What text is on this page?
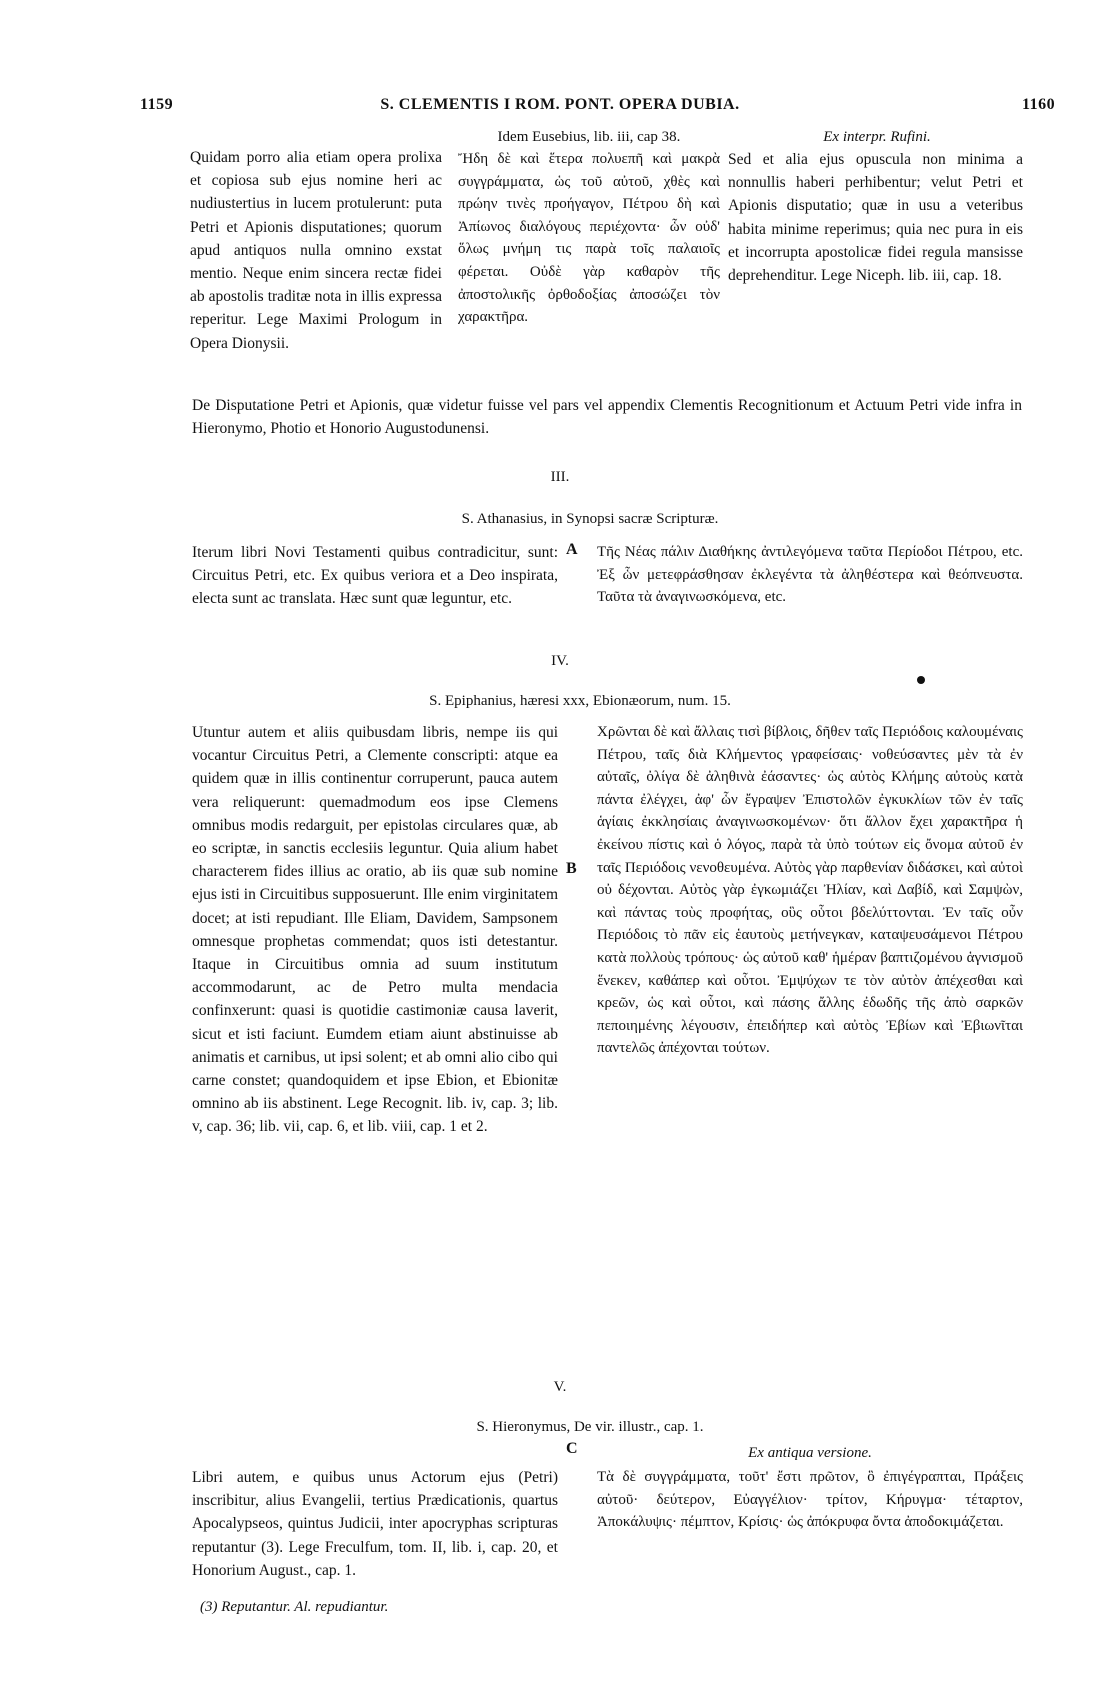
1159	S. CLEMENTIS I ROM. PONT. OPERA DUBIA.	1160
Quidam porro alia etiam opera prolixa et copiosa sub ejus nomine heri ac nudiustertius in lucem protulerunt: puta Petri et Apionis disputationes; quorum apud antiquos nulla omnino exstat mentio. Neque enim sincera rectæ fidei ab apostolis traditæ nota in illis expressa reperitur. Lege Maximi Prologum in Opera Dionysii.
Idem Eusebius, lib. iii, cap 38.
Ἤδη δὲ καὶ ἕτερα πολυεπῆ καὶ μακρὰ συγγράμματα, ὡς τοῦ αὐτοῦ, χθὲς καὶ πρώην τινὲς προήγαγον, Πέτρου δὴ καὶ Ἀπίωνος διαλόγους περιέχοντα· ὧν οὐδ' ὅλως μνήμη τις παρὰ τοῖς παλαιοῖς φέρεται. Οὐδὲ γὰρ καθαρὸν τῆς ἀποστολικῆς ὀρθοδοξίας ἀποσώζει τὸν χαρακτῆρα.
Ex interpr. Rufini.
Sed et alia ejus opuscula non minima a nonnullis haberi perhibentur; velut Petri et Apionis disputatio; quæ in usu a veteribus habita minime reperimus; quia nec pura in eis et incorrupta apostolicæ fidei regula mansisse deprehenditur. Lege Niceph. lib. iii, cap. 18.
De Disputatione Petri et Apionis, quæ videtur fuisse vel pars vel appendix Clementis Recognitionum et Actuum Petri vide infra in Hieronymo, Photio et Honorio Augustodunensi.
III.
S. Athanasius, in Synopsi sacræ Scripturæ.
Iterum libri Novi Testamenti quibus contradicitur, sunt: Circuitus Petri, etc. Ex quibus veriora et a Deo inspirata, electa sunt ac translata. Hæc sunt quæ leguntur, etc.
A Τῆς Νέας πάλιν Διαθήκης ἀντιλεγόμενα ταῦτα Περίοδοι Πέτρου, etc. Ἐξ ὧν μετεφράσθησαν ἐκλεγέντα τὰ ἀληθέστερα καὶ θεόπνευστα. Ταῦτα τὰ ἀναγινωσκόμενα, etc.
IV.
S. Epiphanius, hæresi xxx, Ebionæorum, num. 15.
Utuntur autem et aliis quibusdam libris, nempe iis qui vocantur Circuitus Petri, a Clemente conscripti: atque ea quidem quæ in illis continentur corruperunt, pauca autem vera reliquerunt: quemadmodum eos ipse Clemens omnibus modis redarguit, per epistolas circulares quæ, ab eo scriptæ, in sanctis ecclesiis leguntur. Quia alium habet characterem fides illius ac oratio, ab iis quæ sub nomine ejus isti in Circuitibus supposuerunt. Ille enim virginitatem docet; at isti repudiant. Ille Eliam, Davidem, Sampsonem omnesque prophetas commendat; quos isti detestantur. Itaque in Circuitibus omnia ad suum institutum accommodarunt, ac de Petro multa mendacia confinxerunt: quasi is quotidie castimoniæ causa laverit, sicut et isti faciunt. Eumdem etiam aiunt abstinuisse ab animatis et carnibus, ut ipsi solent; et ab omni alio cibo qui carne constet; quandoquidem et ipse Ebion, et Ebionitæ omnino ab iis abstinent. Lege Recognit. lib. iv, cap. 3; lib. v, cap. 36; lib. vii, cap. 6, et lib. viii, cap. 1 et 2.
B
Χρῶνται δὲ καὶ ἄλλαις τισὶ βίβλοις, δῆθεν ταῖς Περιόδοις καλουμέναις Πέτρου, ταῖς διὰ Κλήμεντος γραφείσαις· νοθεύσαντες μὲν τὰ ἐν αὐταῖς, ὀλίγα δὲ ἀληθινὰ ἐάσαντες· ὡς αὐτὸς Κλήμης αὐτοὺς κατὰ πάντα ἐλέγχει, ἀφ' ὧν ἔγραψεν Ἐπιστολῶν ἐγκυκλίων τῶν ἐν ταῖς ἁγίαις ἐκκλησίαις ἀναγινωσκομένων· ὅτι ἄλλον ἔχει χαρακτῆρα ἡ ἐκείνου πίστις καὶ ὁ λόγος, παρὰ τὰ ὑπὸ τούτων εἰς ὄνομα αὐτοῦ ἐν ταῖς Περιόδοις νενοθευμένα. Αὐτὸς γὰρ παρθενίαν διδάσκει, καὶ αὐτοὶ οὐ δέχονται. Αὐτὸς γὰρ ἐγκωμιάζει Ἠλίαν, καὶ Δαβίδ, καὶ Σαμψὼν, καὶ πάντας τοὺς προφήτας, οὓς οὗτοι βδελύττονται. Ἐν ταῖς οὖν Περιόδοις τὸ πᾶν εἰς ἑαυτοὺς μετήνεγκαν, καταψευσάμενοι Πέτρου κατὰ πολλοὺς τρόπους· ὡς αὐτοῦ καθ' ἡμέραν βαπτιζομένου ἁγνισμοῦ ἕνεκεν, καθάπερ καὶ οὗτοι. Ἐμψύχων τε τὸν αὐτὸν ἀπέχεσθαι καὶ κρεῶν, ὡς καὶ οὗτοι, καὶ πάσης ἄλλης ἐδωδῆς τῆς ἀπὸ σαρκῶν πεποιημένης λέγουσιν, ἐπειδήπερ καὶ αὐτὸς Ἐβίων καὶ Ἐβιωνῖται παντελῶς ἀπέχονται τούτων.
V.
S. Hieronymus, De vir. illustr., cap. 1.
C	Ex antiqua versione.
Libri autem, e quibus unus Actorum ejus (Petri) inscribitur, alius Evangelii, tertius Prædicationis, quartus Apocalypseos, quintus Judicii, inter apocryphas scripturas reputantur (3). Lege Freculfum, tom. II, lib. i, cap. 20, et Honorium August., cap. 1.
Τὰ δὲ συγγράμματα, τοῦτ' ἔστι πρῶτον, ὃ ἐπιγέγραπται, Πράξεις αὐτοῦ· δεύτερον, Εὐαγγέλιον· τρίτον, Κήρυγμα· τέταρτον, Ἀποκάλυψις· πέμπτον, Κρίσις· ὡς ἀπόκρυφα ὄντα ἀποδοκιμάζεται.
(3) Reputantur. Al. repudiantur.
